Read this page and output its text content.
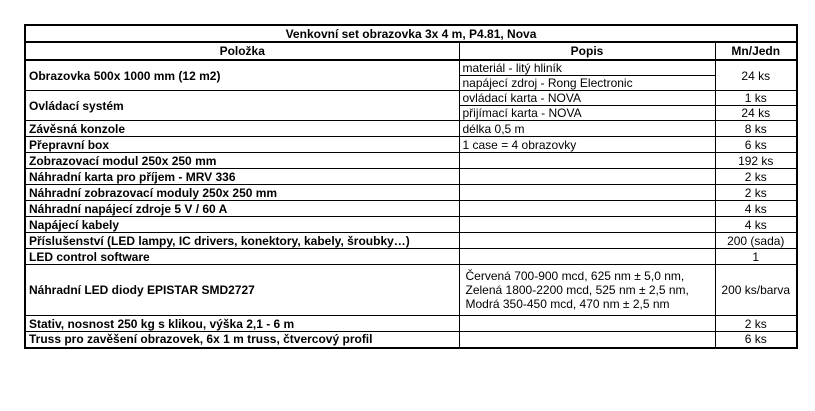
Venkovní set obrazovka 3x 4 m, P4.81, Nova		
Položka	Popis	Mn/Jedn
Obrazovka 500x 1000 mm (12 m2)	materiál - litý hliník	24 ks
	napájecí zdroj - Rong Electronic	
Ovládací systém	ovládací karta - NOVA	1 ks
	přijímací karta - NOVA	24 ks
Závěsná konzole	délka 0,5 m	8 ks
Přepravní box	1 case = 4 obrazovky	6 ks
Zobrazovací modul 250x 250 mm		192 ks
Náhradní karta pro příjem - MRV 336		2 ks
Náhradní zobrazovací moduly 250x 250 mm		2 ks
Náhradní napájecí zdroje 5 V / 60 A		4 ks
Napájecí kabely		4 ks
Příslušenství (LED lampy, IC drivers, konektory, kabely, šroubky…)		200 (sada)
LED control software		1
Náhradní LED diody EPISTAR SMD2727	Červená 700-900 mcd, 625 nm ± 5,0 nm,
Zelená 1800-2200 mcd, 525 nm ± 2,5 nm,
Modrá 350-450 mcd, 470 nm ± 2,5 nm	200 ks/barva
Stativ, nosnost 250 kg s klikou, výška 2,1 - 6 m		2 ks
Truss pro zavěšení obrazovek, 6x 1 m truss, čtvercový profil		6 ks
